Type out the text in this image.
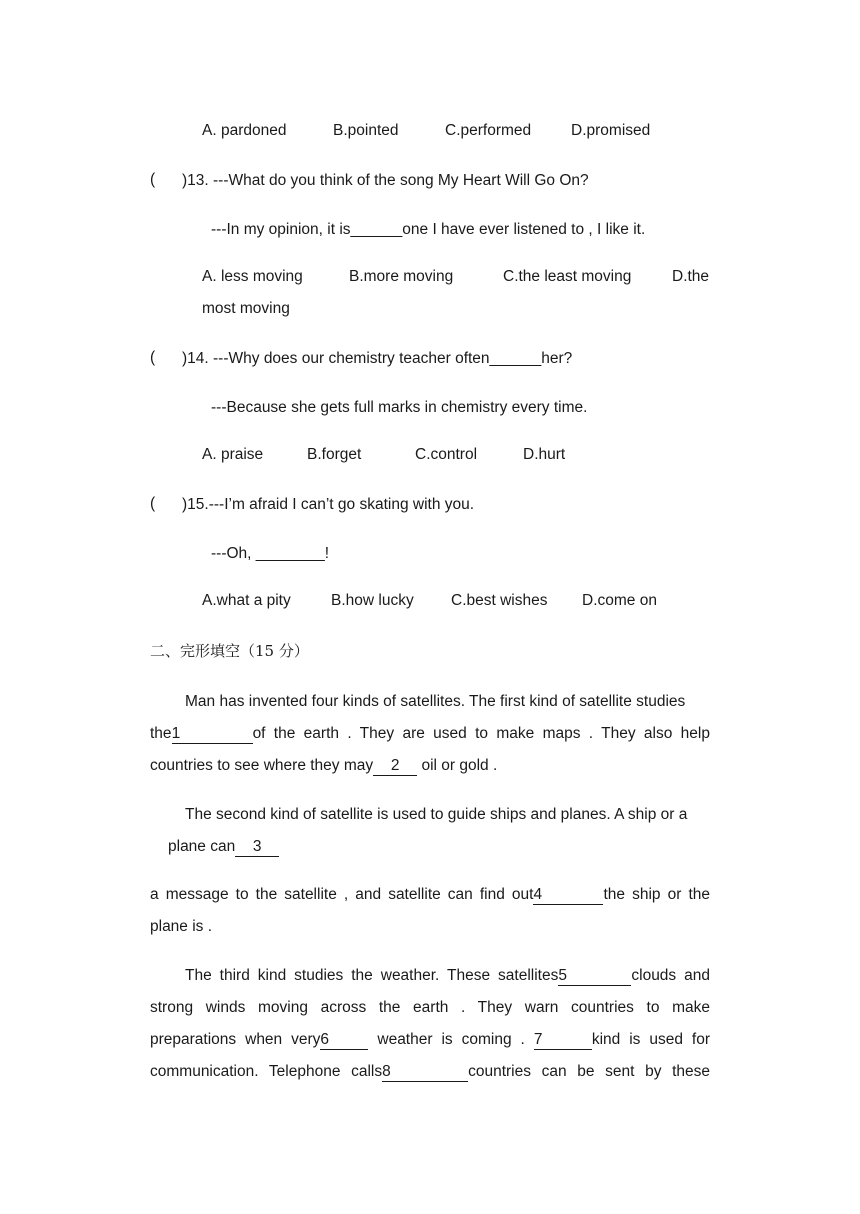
A. pardoned	B.pointed	C.performed	D.promised
( )13. ---What do you think of the song My Heart Will Go On?
---In my opinion, it is______one I have ever listened to , I like it.
A. less moving	B.more moving	C.the least moving	D.the
most moving
( )14. ---Why does our chemistry teacher often______her?
---Because she gets full marks in chemistry every time.
A. praise	B.forget	C.control	D.hurt
( )15.---I’m afraid I can’t go skating with you.
---Oh, ________!
A.what a pity	B.how lucky C.best wishes D.come on
二、完形填空（15 分）
Man has invented four kinds of satellites. The first kind of satellite studies
the1	of the earth . They are used to make maps . They also help
countries to see where they may 2 oil or gold .
The second kind of satellite is used to guide ships and planes. A ship or a
plane can 3
a message to the satellite , and satellite can find out4	the ship or the
plane is .
The third kind studies the weather. These satellites5	clouds and
strong winds moving across the earth . They warn countries to make
preparations when very6	weather is coming . 7	kind is used for
communication. Telephone calls8	countries can be sent by these
